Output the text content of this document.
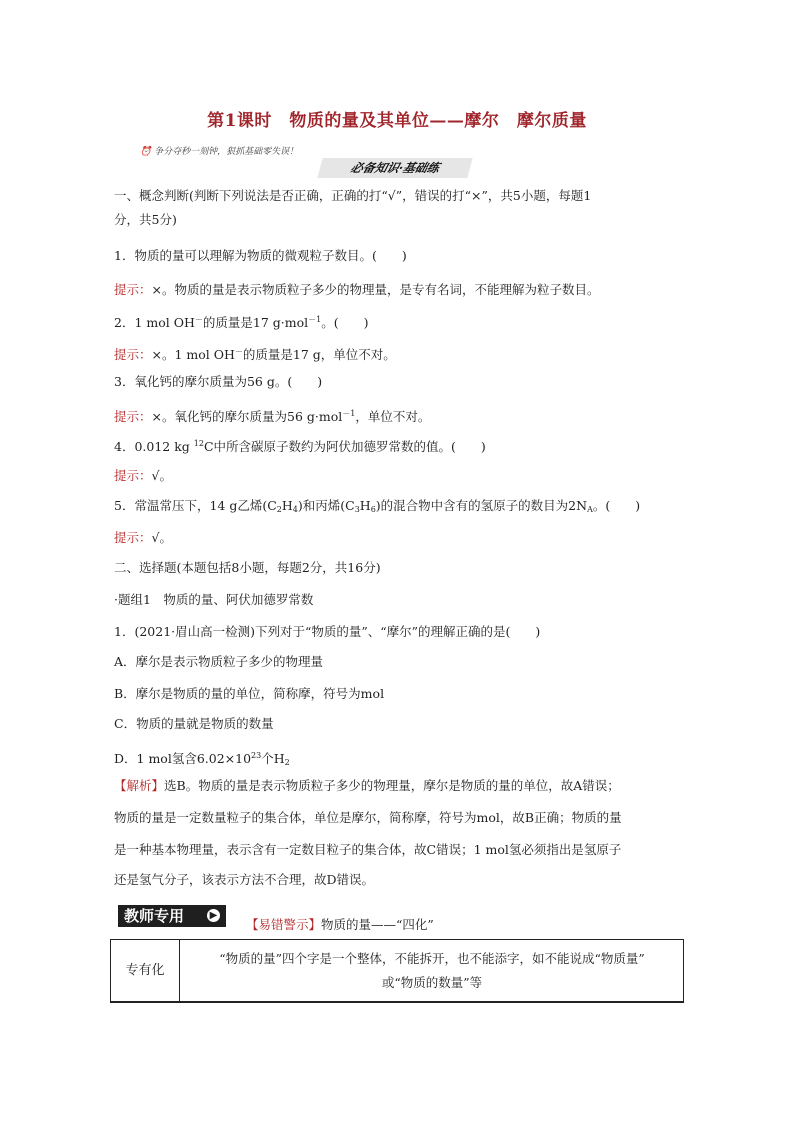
第1课时　物质的量及其单位——摩尔　摩尔质量
⏰ 争分夺秒一刻钟，狠抓基础零失误！
必备知识·基础练
一、概念判断(判断下列说法是否正确，正确的打“√”，错误的打“×”，共5小题，每题1
分，共5分)
1．物质的量可以理解为物质的微观粒子数目。(　　)
提示：×。物质的量是表示物质粒子多少的物理量，是专有名词，不能理解为粒子数目。
2．1 mol OH－的质量是17 g·mol$^{-1}$。(　　)
提示：×。1 mol OH－的质量是17 g，单位不对。
3．氧化钙的摩尔质量为56 g。(　　)
提示：×。氧化钙的摩尔质量为56 g·mol$^{-1}$，单位不对。
4．0.012 kg $^{12}$C中所含碳原子数约为阿伏加德罗常数的值。(　　)
提示：√。
5．常温常压下，14 g乙烯$(C_2H_4)$和丙烯$(C_3H_6)$的混合物中含有的氢原子的数目为$2N_A$。(　　)
提示：√。
二、选择题(本题包括8小题，每题2分，共16分)
·题组1　物质的量、阿伏加德罗常数
1．(2021·眉山高一检测)下列对于“物质的量”、“摩尔”的理解正确的是(　　)
A．摩尔是表示物质粒子多少的物理量
B．摩尔是物质的量的单位，简称摩，符号为mol
C．物质的量就是物质的数量
D．1 mol氢含$6.02\times 10^{23}$个$H_2$
【解析】选B。物质的量是表示物质粒子多少的物理量，摩尔是物质的量的单位，故A错误；
物质的量是一定数量粒子的集合体，单位是摩尔，简称摩，符号为mol，故B正确；物质的量
是一种基本物理量，表示含有一定数目粒子的集合体，故C错误；1 mol氢必须指出是氢原子
还是氢气分子，该表示方法不合理，故D错误。
教师专用	▶
【易错警示】物质的量——“四化”
专有化
“物质的量”四个字是一个整体，不能拆开，也不能添字，如不能说成“物质量”
或“物质的数量”等
